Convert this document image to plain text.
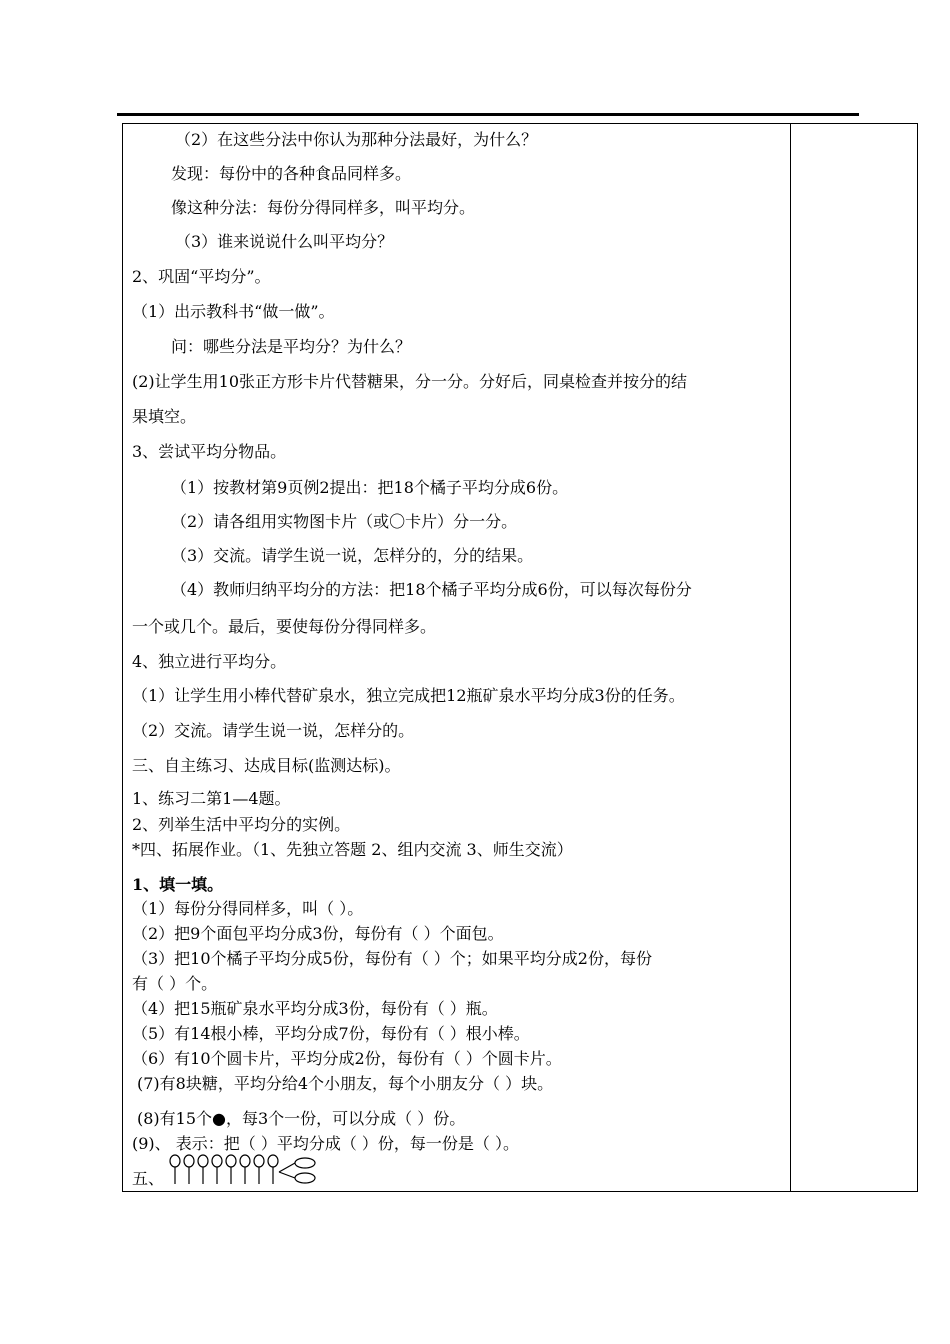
（2）在这些分法中你认为那种分法最好，为什么？
发现：每份中的各种食品同样多。
像这种分法：每份分得同样多，叫平均分。
（3）谁来说说什么叫平均分？
2、巩固“平均分”。
（1）出示教科书“做一做”。
问：哪些分法是平均分？为什么？
(2)让学生用10张正方形卡片代替糖果，分一分。分好后，同桌检查并按分的结
果填空。
3、尝试平均分物品。
（1）按教材第9页例2提出：把18个橘子平均分成6份。
（2）请各组用实物图卡片（或〇卡片）分一分。
（3）交流。请学生说一说，怎样分的，分的结果。
（4）教师归纳平均分的方法：把18个橘子平均分成6份，可以每次每份分
一个或几个。最后，要使每份分得同样多。
4、独立进行平均分。
（1）让学生用小棒代替矿泉水，独立完成把12瓶矿泉水平均分成3份的任务。
（2）交流。请学生说一说，怎样分的。
三、自主练习、达成目标(监测达标)。
1、练习二第1—4题。
2、列举生活中平均分的实例。
*四、拓展作业。（1、先独立答题 2、组内交流 3、师生交流）
1、填一填。
（1）每份分得同样多，叫（ ）。
（2）把9个面包平均分成3份，每份有（ ）个面包。
（3）把10个橘子平均分成5份，每份有（ ）个；如果平均分成2份，每份
有（ ）个。
（4）把15瓶矿泉水平均分成3份，每份有（ ）瓶。
（5）有14根小棒，平均分成7份，每份有（ ）根小棒。
（6）有10个圆卡片，平均分成2份，每份有（ ）个圆卡片。
(7)有8块糖，平均分给4个小朋友，每个小朋友分（ ）块。
(8)有15个●，每3个一份，可以分成（ ）份。
(9)、 表示：把（ ）平均分成（ ）份，每一份是（ ）。
五、
